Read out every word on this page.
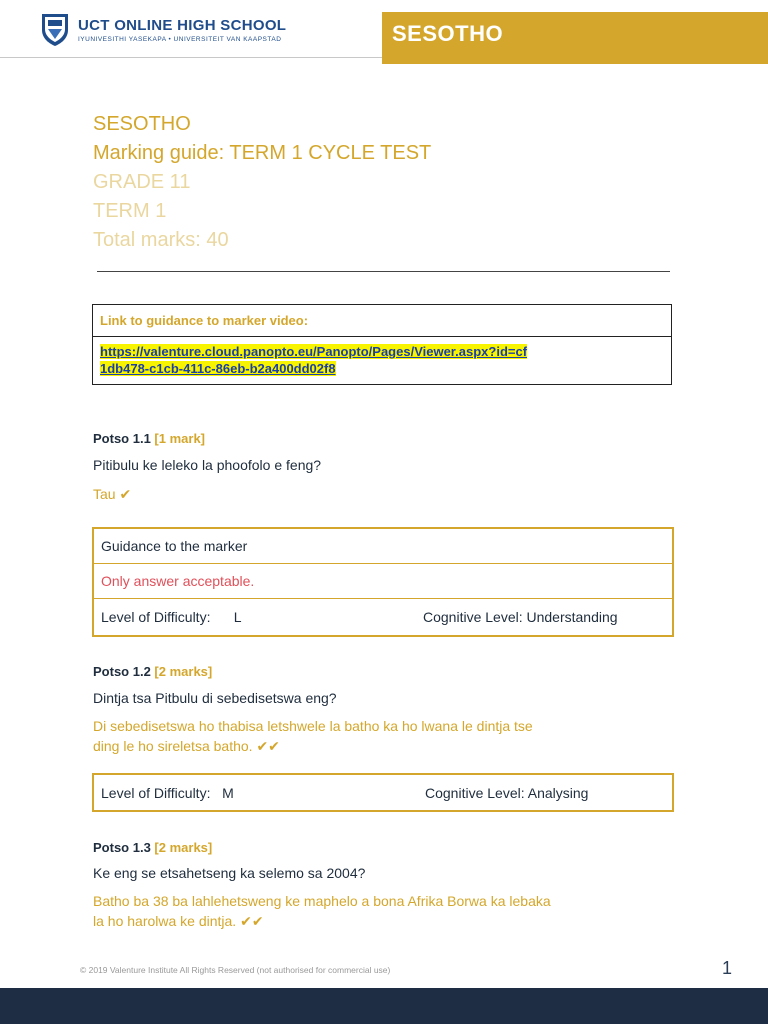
UCT ONLINE HIGH SCHOOL
IYUNIVESITHI YASEKAPA • UNIVERSITEIT VAN KAAPSTAD	SESOTHO
SESOTHO
Marking guide: TERM 1 CYCLE TEST
GRADE 11
TERM 1
Total marks: 40
Link to guidance to marker video:
https://valenture.cloud.panopto.eu/Panopto/Pages/Viewer.aspx?id=cf
1db478-c1cb-411c-86eb-b2a400dd02f8
Potso 1.1 [1 mark]
Pitibulu ke leleko la phoofolo e feng?
Tau ✔
Guidance to the marker
Only answer acceptable.
Level of Difficulty:      L	Cognitive Level: Understanding
Potso 1.2 [2 marks]
Dintja tsa Pitbulu di sebedisetswa eng?
Di sebedisetswa ho thabisa letshwele la batho ka ho lwana le dintja tse
ding le ho sireletsa batho. ✔✔
Level of Difficulty:   M	Cognitive Level: Analysing
Potso 1.3 [2 marks]
Ke eng se etsahetseng ka selemo sa 2004?
Batho ba 38 ba lahlehetsweng ke maphelo a bona Afrika Borwa ka lebaka
la ho harolwa ke dintja. ✔✔
© 2019 Valenture Institute All Rights Reserved (not authorised for commercial use)	1
